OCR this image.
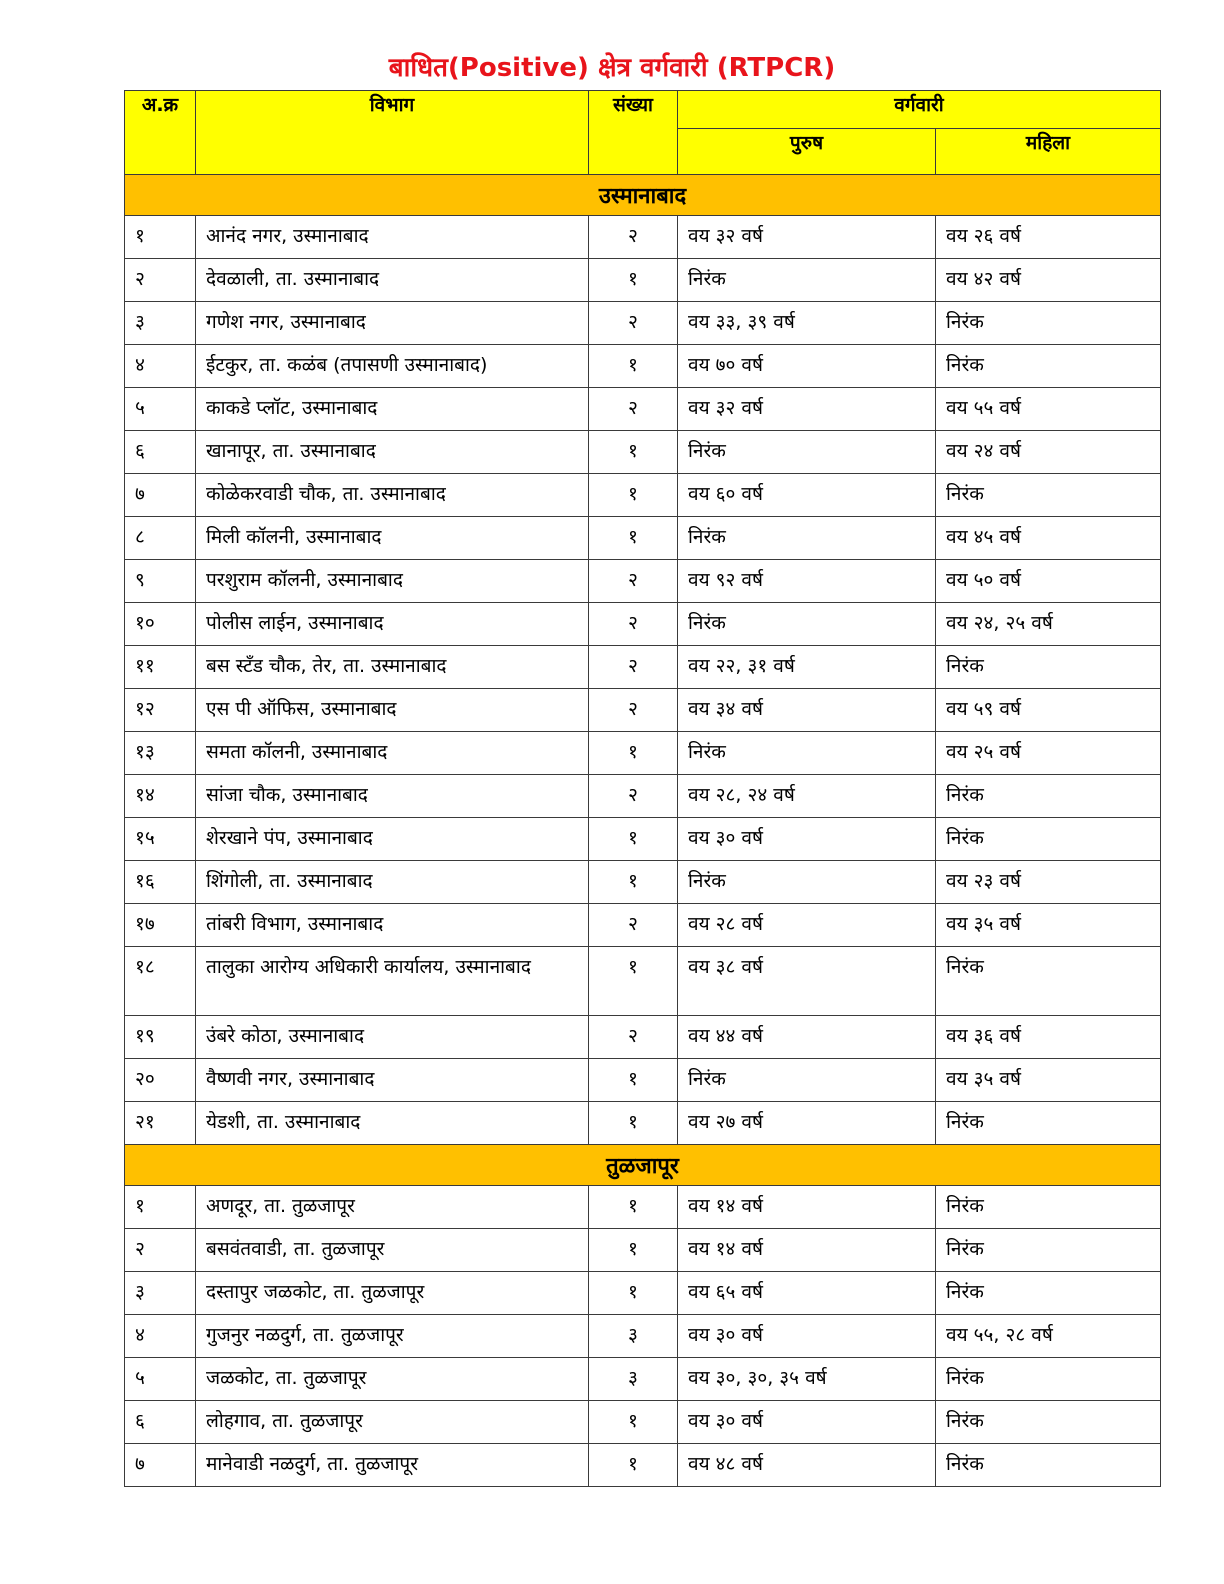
बाधित(Positive) क्षेत्र वर्गवारी (RTPCR)
अ.क्र	विभाग	संख्या	वर्गवारी	
			पुरुष	महिला
उस्मानाबाद				

१	आनंद नगर, उस्मानाबाद	२	वय ३२ वर्ष	वय २६ वर्ष

२	देवळाली, ता. उस्मानाबाद	१	निरंक	वय ४२ वर्ष

३	गणेश नगर, उस्मानाबाद	२	वय ३३, ३९ वर्ष	निरंक

४	ईटकुर, ता. कळंब (तपासणी उस्मानाबाद)	१	वय ७० वर्ष	निरंक

५	काकडे प्लॉट, उस्मानाबाद	२	वय ३२ वर्ष	वय ५५ वर्ष

६	खानापूर, ता. उस्मानाबाद	१	निरंक	वय २४ वर्ष

७	कोळेकरवाडी चौक, ता. उस्मानाबाद	१	वय ६० वर्ष	निरंक

८	मिली कॉलनी, उस्मानाबाद	१	निरंक	वय ४५ वर्ष

९	परशुराम कॉलनी, उस्मानाबाद	२	वय ९२ वर्ष	वय ५० वर्ष

१०	पोलीस लाईन, उस्मानाबाद	२	निरंक	वय २४, २५ वर्ष

११	बस स्टँड चौक, तेर, ता. उस्मानाबाद	२	वय २२, ३१ वर्ष	निरंक

१२	एस पी ऑफिस, उस्मानाबाद	२	वय ३४ वर्ष	वय ५९ वर्ष

१३	समता कॉलनी, उस्मानाबाद	१	निरंक	वय २५ वर्ष

१४	सांजा चौक, उस्मानाबाद	२	वय २८, २४ वर्ष	निरंक

१५	शेरखाने पंप, उस्मानाबाद	१	वय ३० वर्ष	निरंक

१६	शिंगोली, ता. उस्मानाबाद	१	निरंक	वय २३ वर्ष

१७	तांबरी विभाग, उस्मानाबाद	२	वय २८ वर्ष	वय ३५ वर्ष

१८	तालुका आरोग्य अधिकारी कार्यालय, उस्मानाबाद	१	वय ३८ वर्ष	निरंक

१९	उंबरे कोठा, उस्मानाबाद	२	वय ४४ वर्ष	वय ३६ वर्ष

२०	वैष्णवी नगर, उस्मानाबाद	१	निरंक	वय ३५ वर्ष

२१	येडशी, ता. उस्मानाबाद	१	वय २७ वर्ष	निरंक

तुळजापूर				

१	अणदूर, ता. तुळजापूर	१	वय १४ वर्ष	निरंक

२	बसवंतवाडी, ता. तुळजापूर	१	वय १४ वर्ष	निरंक

३	दस्तापुर जळकोट, ता. तुळजापूर	१	वय ६५ वर्ष	निरंक

४	गुजनुर नळदुर्ग, ता. तुळजापूर	३	वय ३० वर्ष	वय ५५, २८ वर्ष

५	जळकोट, ता. तुळजापूर	३	वय ३०, ३०, ३५ वर्ष	निरंक

६	लोहगाव, ता. तुळजापूर	१	वय ३० वर्ष	निरंक

७	मानेवाडी नळदुर्ग, ता. तुळजापूर	१	वय ४८ वर्ष	निरंक
